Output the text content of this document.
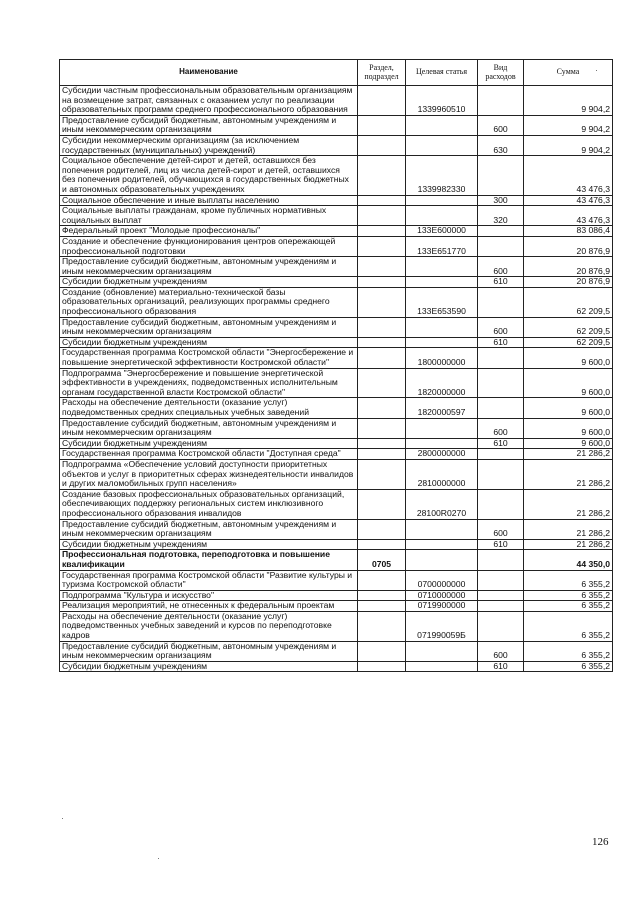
Наименование	Раздел, подраздел	Целевая статья	Вид расходов	Сумма
Субсидии частным профессиональным образовательным организациям на возмещение затрат, связанных с оказанием услуг по реализации образовательных программ среднего профессионального образования		1339960510		9 904,2
Предоставление субсидий бюджетным, автономным учреждениям и иным некоммерческим организациям			600	9 904,2
Субсидии некоммерческим организациям (за исключением государственных (муниципальных) учреждений)			630	9 904,2
Социальное обеспечение детей-сирот и детей, оставшихся без попечения родителей, лиц из числа детей-сирот и детей, оставшихся без попечения родителей, обучающихся в государственных бюджетных и автономных образовательных учреждениях		1339982330		43 476,3
Социальное обеспечение и иные выплаты населению			300	43 476,3
Социальные выплаты гражданам, кроме публичных нормативных социальных выплат			320	43 476,3
Федеральный проект "Молодые профессионалы"		133E600000		83 086,4
Создание и обеспечение функционирования центров опережающей профессиональной подготовки		133E651770		20 876,9
Предоставление субсидий бюджетным, автономным учреждениям и иным некоммерческим организациям			600	20 876,9
Субсидии бюджетным учреждениям			610	20 876,9
Создание (обновление) материально-технической базы образовательных организаций, реализующих программы среднего профессионального образования		133E653590		62 209,5
Предоставление субсидий бюджетным, автономным учреждениям и иным некоммерческим организациям			600	62 209,5
Субсидии бюджетным учреждениям			610	62 209,5
Государственная программа Костромской области "Энергосбережение и повышение энергетической эффективности Костромской области"		1800000000		9 600,0
Подпрограмма "Энергосбережение и повышение энергетической эффективности в учреждениях, подведомственных исполнительным органам государственной власти Костромской области"		1820000000		9 600,0
Расходы на обеспечение деятельности (оказание услуг) подведомственных средних специальных учебных заведений		1820000597		9 600,0
Предоставление субсидий бюджетным, автономным учреждениям и иным некоммерческим организациям			600	9 600,0
Субсидии бюджетным учреждениям			610	9 600,0
Государственная программа Костромской области "Доступная среда"		2800000000		21 286,2
Подпрограмма «Обеспечение условий доступности приоритетных объектов и услуг в приоритетных сферах жизнедеятельности инвалидов и других маломобильных групп населения»		2810000000		21 286,2
Создание базовых профессиональных образовательных организаций, обеспечивающих поддержку региональных систем инклюзивного профессионального образования инвалидов		28100R0270		21 286,2
Предоставление субсидий бюджетным, автономным учреждениям и иным некоммерческим организациям			600	21 286,2
Субсидии бюджетным учреждениям			610	21 286,2
Профессиональная подготовка, переподготовка и повышение квалификации	0705			44 350,0
Государственная программа Костромской области "Развитие культуры и туризма Костромской области"		0700000000		6 355,2
Подпрограмма "Культура и искусство"		0710000000		6 355,2
Реализация мероприятий, не отнесенных к федеральным проектам		0719900000		6 355,2
Расходы на обеспечение деятельности (оказание услуг) подведомственных учебных заведений и курсов по переподготовке кадров		071990059Б		6 355,2
Предоставление субсидий бюджетным, автономным учреждениям и иным некоммерческим организациям			600	6 355,2
Субсидии бюджетным учреждениям			610	6 355,2
126
